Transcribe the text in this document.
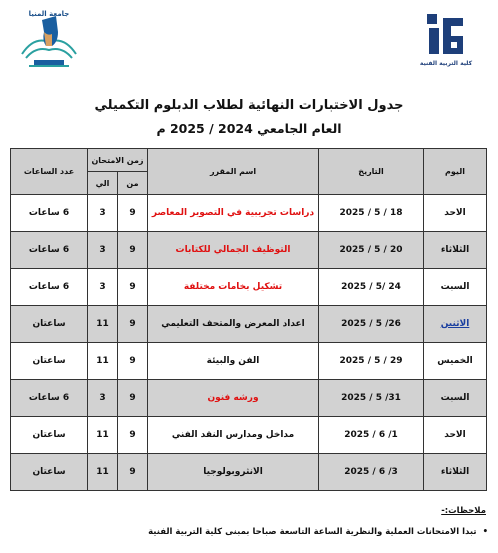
جامعة المنيا
كلية التربية الفنية
جدول الاختبارات النهائية لطلاب الدبلوم التكميلي
العام الجامعي 2024 / 2025 م
اليوم	التاريخ	اسم المقرر	زمن الامتحان		عدد الساعات
			من	الي	
الاحد	18 / 5 / 2025	دراسات تجريبية في التصوير المعاصر	9	3	6 ساعات
الثلاثاء	20 / 5 / 2025	التوظيف الجمالي للكتابات	9	3	6 ساعات
السبت	24 /5 / 2025	تشكيل بخامات مختلفة	9	3	6 ساعات
الاثنين	26/ 5 / 2025	اعداد المعرض والمتحف التعليمي	9	11	ساعتان
الخميس	29 / 5 / 2025	الفن والبيئة	9	11	ساعتان
السبت	31/ 5 / 2025	ورشه فنون	9	3	6 ساعات
الاحد	1/ 6 / 2025	مداخل ومدارس النقد الفني	9	11	ساعتان
الثلاثاء	3/ 6 / 2025	الانثروبولوجيا	9	11	ساعتان
ملاحظات:-
•تبدا الامتحانات العملية والنظرية الساعة التاسعة صباحا بمبنى كلية التربية الفنية
